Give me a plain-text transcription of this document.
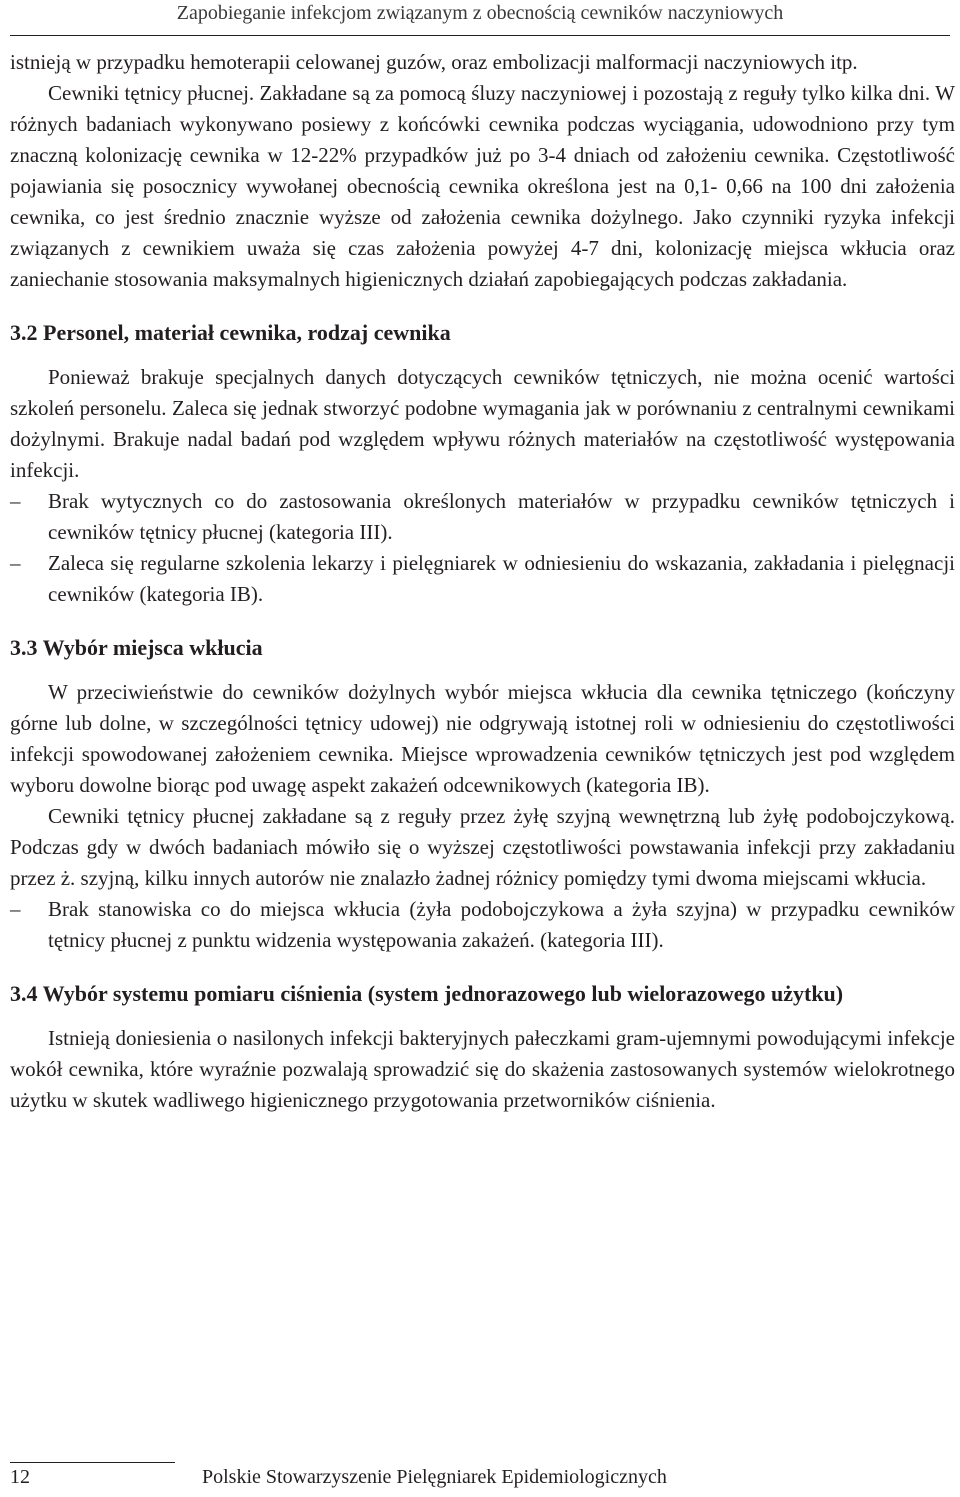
Zapobieganie infekcjom związanym z obecnością cewników naczyniowych

istnieją w przypadku hemoterapii celowanej guzów, oraz embolizacji malformacji naczyniowych itp.

Cewniki tętnicy płucnej. Zakładane są za pomocą śluzy naczyniowej i pozostają z reguły tylko kilka dni. W różnych badaniach wykonywano posiewy z końcówki cewnika podczas wyciągania, udowodniono przy tym znaczną kolonizację cewnika w 12-22% przypadków już po 3-4 dniach od założeniu cewnika. Częstotliwość pojawiania się posocznicy wywołanej obecnością cewnika określona jest na 0,1- 0,66 na 100 dni założenia cewnika, co jest średnio znacznie wyższe od założenia cewnika dożylnego. Jako czynniki ryzyka infekcji związanych z cewnikiem uważa się czas założenia powyżej 4-7 dni, kolonizację miejsca wkłucia oraz zaniechanie stosowania maksymalnych higienicznych działań zapobiegających podczas zakładania.

3.2 Personel, materiał cewnika, rodzaj cewnika

Ponieważ brakuje specjalnych danych dotyczących cewników tętniczych, nie można ocenić wartości szkoleń personelu. Zaleca się jednak stworzyć podobne wymagania jak w porównaniu z centralnymi cewnikami dożylnymi. Brakuje nadal badań pod względem wpływu różnych materiałów na częstotliwość występowania infekcji.

– Brak wytycznych co do zastosowania określonych materiałów w przypadku cewników tętniczych i cewników tętnicy płucnej (kategoria III).
– Zaleca się regularne szkolenia lekarzy i pielęgniarek w odniesieniu do wskazania, zakładania i pielęgnacji cewników (kategoria IB).
3.3 Wybór miejsca wkłucia

W przeciwieństwie do cewników dożylnych wybór miejsca wkłucia dla cewnika tętniczego (kończyny górne lub dolne, w szczególności tętnicy udowej) nie odgrywają istotnej roli w odniesieniu do częstotliwości infekcji spowodowanej założeniem cewnika. Miejsce wprowadzenia cewników tętniczych jest pod względem wyboru dowolne biorąc pod uwagę aspekt zakażeń odcewnikowych (kategoria IB).

Cewniki tętnicy płucnej zakładane są z reguły przez żyłę szyjną wewnętrzną lub żyłę podobojczykową. Podczas gdy w dwóch badaniach mówiło się o wyższej częstotliwości powstawania infekcji przy zakładaniu przez ż. szyjną, kilku innych autorów nie znalazło żadnej różnicy pomiędzy tymi dwoma miejscami wkłucia.

– Brak stanowiska co do miejsca wkłucia (żyła podobojczykowa a żyła szyjna) w przypadku cewników tętnicy płucnej z punktu widzenia występowania zakażeń. (kategoria III).
3.4 Wybór systemu pomiaru ciśnienia (system jednorazowego lub wielorazowego użytku)

Istnieją doniesienia o nasilonych infekcji bakteryjnych pałeczkami gram-ujemnymi powodującymi infekcje wokół cewnika, które wyraźnie pozwalają sprowadzić się do skażenia zastosowanych systemów wielokrotnego użytku w skutek wadliwego higienicznego przygotowania przetworników ciśnienia.

12	Polskie Stowarzyszenie Pielęgniarek Epidemiologicznych
